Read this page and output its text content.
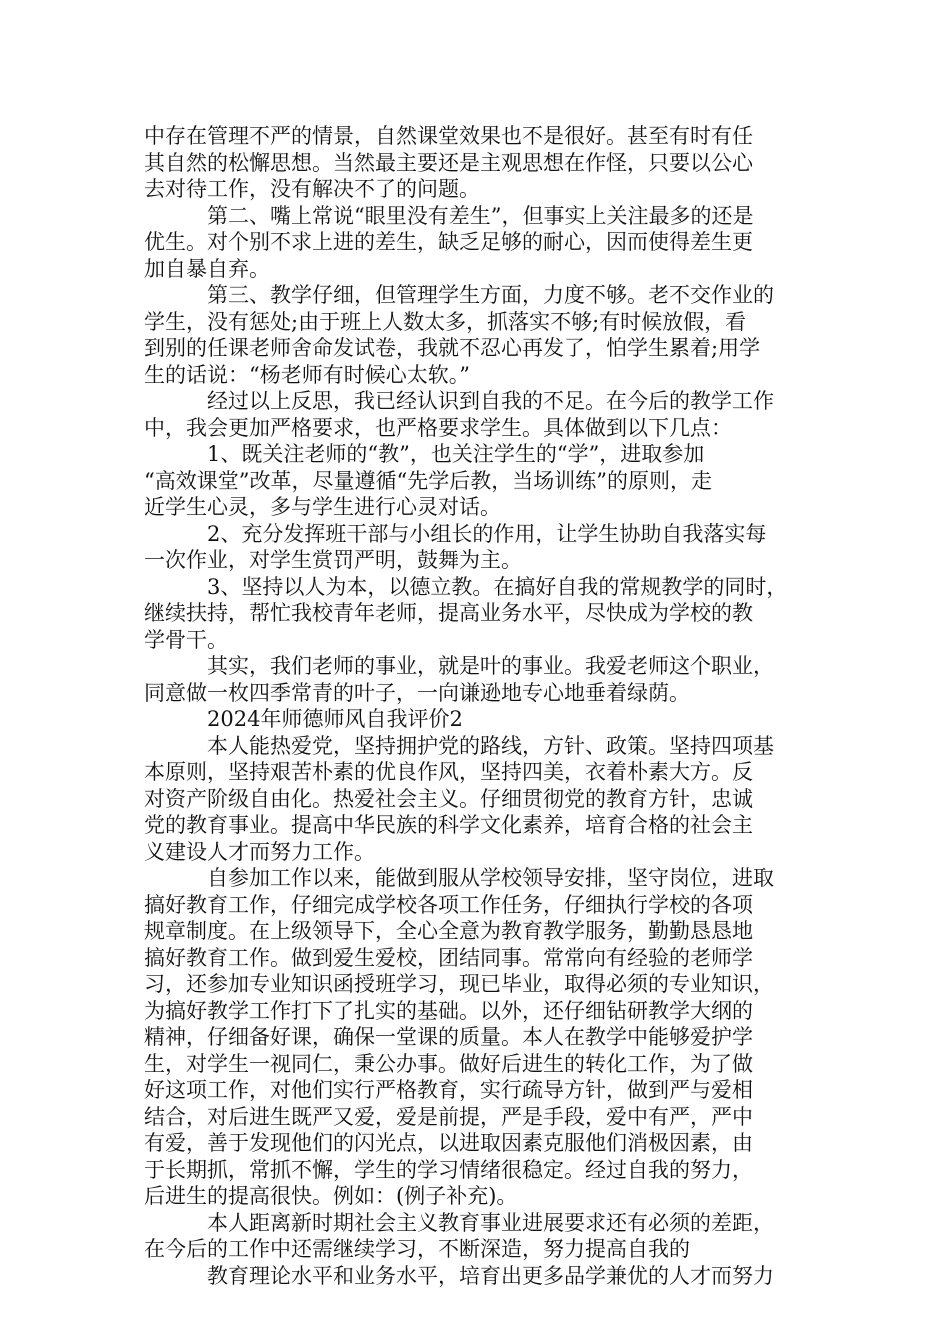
中存在管理不严的情景，自然课堂效果也不是很好。甚至有时有任
其自然的松懈思想。当然最主要还是主观思想在作怪，只要以公心
去对待工作，没有解决不了的问题。
　　　第二、嘴上常说“眼里没有差生”，但事实上关注最多的还是
优生。对个别不求上进的差生，缺乏足够的耐心，因而使得差生更
加自暴自弃。
　　　第三、教学仔细，但管理学生方面，力度不够。老不交作业的
学生，没有惩处;由于班上人数太多，抓落实不够;有时候放假，看
到别的任课老师舍命发试卷，我就不忍心再发了，怕学生累着;用学
生的话说：“杨老师有时候心太软。”
　　　经过以上反思，我已经认识到自我的不足。在今后的教学工作
中，我会更加严格要求，也严格要求学生。具体做到以下几点：
　　　1、既关注老师的“教”，也关注学生的“学”，进取参加
“高效课堂”改革，尽量遵循“先学后教，当场训练”的原则，走
近学生心灵，多与学生进行心灵对话。
　　　2、充分发挥班干部与小组长的作用，让学生协助自我落实每
一次作业，对学生赏罚严明，鼓舞为主。
　　　3、坚持以人为本，以德立教。在搞好自我的常规教学的同时，
继续扶持，帮忙我校青年老师，提高业务水平，尽快成为学校的教
学骨干。
　　　其实，我们老师的事业，就是叶的事业。我爱老师这个职业，
同意做一枚四季常青的叶子，一向谦逊地专心地垂着绿荫。
　　　2024年师德师风自我评价2
　　　本人能热爱党，坚持拥护党的路线，方针、政策。坚持四项基
本原则，坚持艰苦朴素的优良作风，坚持四美，衣着朴素大方。反
对资产阶级自由化。热爱社会主义。仔细贯彻党的教育方针，忠诚
党的教育事业。提高中华民族的科学文化素养，培育合格的社会主
义建设人才而努力工作。
　　　自参加工作以来，能做到服从学校领导安排，坚守岗位，进取
搞好教育工作，仔细完成学校各项工作任务，仔细执行学校的各项
规章制度。在上级领导下，全心全意为教育教学服务，勤勤恳恳地
搞好教育工作。做到爱生爱校，团结同事。常常向有经验的老师学
习，还参加专业知识函授班学习，现已毕业，取得必须的专业知识，
为搞好教学工作打下了扎实的基础。以外，还仔细钻研教学大纲的
精神，仔细备好课，确保一堂课的质量。本人在教学中能够爱护学
生，对学生一视同仁，秉公办事。做好后进生的转化工作，为了做
好这项工作，对他们实行严格教育，实行疏导方针，做到严与爱相
结合，对后进生既严又爱，爱是前提，严是手段，爱中有严，严中
有爱，善于发现他们的闪光点，以进取因素克服他们消极因素，由
于长期抓，常抓不懈，学生的学习情绪很稳定。经过自我的努力，
后进生的提高很快。例如：(例子补充)。
　　　本人距离新时期社会主义教育事业进展要求还有必须的差距，
在今后的工作中还需继续学习，不断深造，努力提高自我的
　　　教育理论水平和业务水平，培育出更多品学兼优的人才而努力
